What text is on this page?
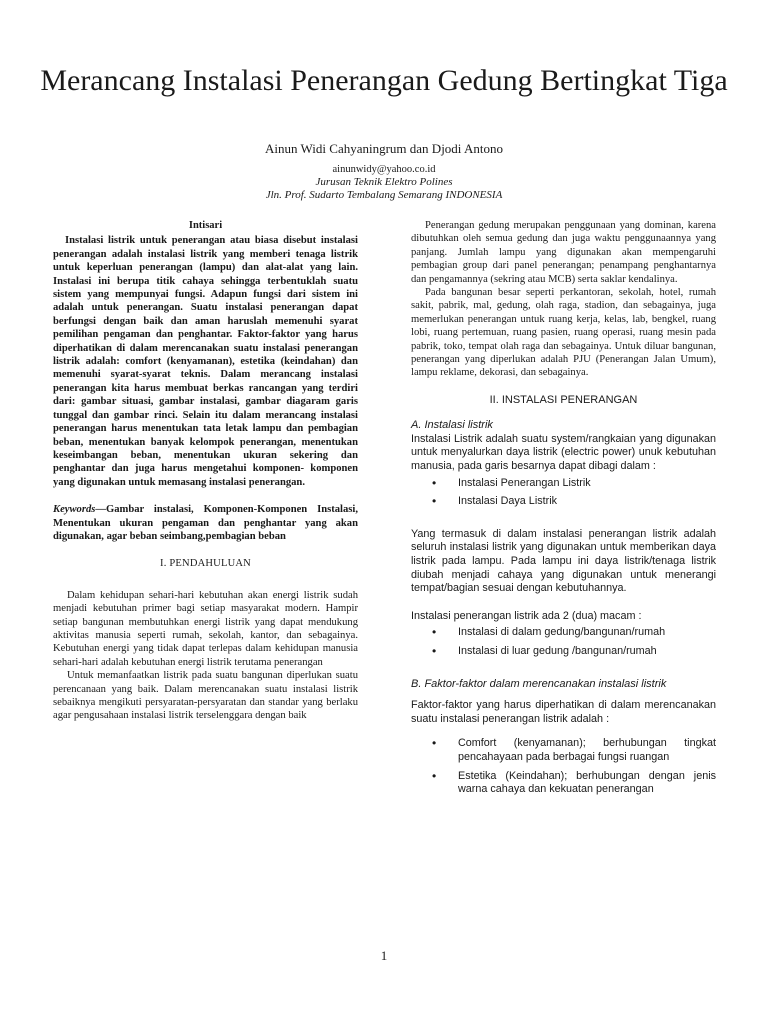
Merancang Instalasi Penerangan Gedung Bertingkat Tiga
Ainun Widi Cahyaningrum dan Djodi Antono
ainunwidy@yahoo.co.id
Jurusan Teknik Elektro Polines
Jln. Prof. Sudarto Tembalang Semarang INDONESIA
Intisari

Instalasi listrik untuk penerangan atau biasa disebut instalasi penerangan adalah instalasi listrik yang memberi tenaga listrik untuk keperluan penerangan (lampu) dan alat-alat yang lain. Instalasi ini berupa titik cahaya sehingga terbentuklah suatu sistem yang mempunyai fungsi. Adapun fungsi dari sistem ini adalah untuk penerangan. Suatu instalasi penerangan dapat berfungsi dengan baik dan aman haruslah memenuhi syarat pemilihan pengaman dan penghantar. Faktor-faktor yang harus diperhatikan di dalam merencanakan suatu instalasi penerangan listrik adalah: comfort (kenyamanan), estetika (keindahan) dan memenuhi syarat-syarat teknis. Dalam merancang instalasi penerangan kita harus membuat berkas rancangan yang terdiri dari: gambar situasi, gambar instalasi, gambar diagaram garis tunggal dan gambar rinci. Selain itu dalam merancang instalasi penerangan harus menentukan tata letak lampu dan pembagian beban, menentukan banyak kelompok penerangan, menentukan keseimbangan beban, menentukan ukuran sekering dan penghantar dan juga harus mengetahui komponen- komponen yang digunakan untuk memasang instalasi penerangan.

Keywords—Gambar instalasi, Komponen-Komponen Instalasi, Menentukan ukuran pengaman dan penghantar yang akan digunakan, agar beban seimbang,pembagian beban

I. PENDAHULUAN

Dalam kehidupan sehari-hari kebutuhan akan energi listrik sudah menjadi kebutuhan primer bagi setiap masyarakat modern. Hampir setiap bangunan membutuhkan energi listrik yang dapat mendukung aktivitas manusia seperti rumah, sekolah, kantor, dan sebagainya. Kebutuhan energi yang tidak dapat terlepas dalam kehidupan manusia sehari-hari adalah kebutuhan energi listrik terutama penerangan

Untuk memanfaatkan listrik pada suatu bangunan diperlukan suatu perencanaan yang baik. Dalam merencanakan suatu instalasi listrik sebaiknya mengikuti persyaratan-persyaratan dan standar yang berlaku agar pengusahaan instalasi listrik terselenggara dengan baik

Penerangan gedung merupakan penggunaan yang dominan, karena dibutuhkan oleh semua gedung dan juga waktu penggunaannya yang panjang. Jumlah lampu yang digunakan akan mempengaruhi pembagian group dari panel penerangan; penampang penghantarnya dan pengamannya (sekring atau MCB) serta saklar kendalinya.

Pada bangunan besar seperti perkantoran, sekolah, hotel, rumah sakit, pabrik, mal, gedung, olah raga, stadion, dan sebagainya, juga memerlukan penerangan untuk ruang kerja, kelas, lab, bengkel, ruang lobi, ruang pertemuan, ruang pasien, ruang operasi, ruang mesin pada pabrik, toko, tempat olah raga dan sebagainya. Untuk diluar bangunan, penerangan yang diperlukan adalah PJU (Penerangan Jalan Umum), lampu reklame, dekorasi, dan sebagainya.

II. INSTALASI PENERANGAN

A. Instalasi listrik

Instalasi Listrik adalah suatu system/rangkaian yang digunakan untuk menyalurkan daya listrik (electric power) unuk kebutuhan manusia, pada garis besarnya dapat dibagi dalam :

• Instalasi Penerangan Listrik
• Instalasi Daya Listrik

Yang termasuk di dalam instalasi penerangan listrik adalah seluruh instalasi listrik yang digunakan untuk memberikan daya listrik pada lampu. Pada lampu ini daya listrik/tenaga listrik diubah menjadi cahaya yang digunakan untuk menerangi tempat/bagian sesuai dengan kebutuhannya.

Instalasi penerangan listrik ada 2 (dua) macam :

• Instalasi di dalam gedung/bangunan/rumah
• Instalasi di luar gedung /bangunan/rumah

B. Faktor-faktor dalam merencanakan instalasi listrik

Faktor-faktor yang harus diperhatikan di dalam merencanakan suatu instalasi penerangan listrik adalah :

• Comfort (kenyamanan); berhubungan tingkat pencahayaan pada berbagai fungsi ruangan
• Estetika (Keindahan); berhubungan dengan jenis warna cahaya dan kekuatan penerangan
1
